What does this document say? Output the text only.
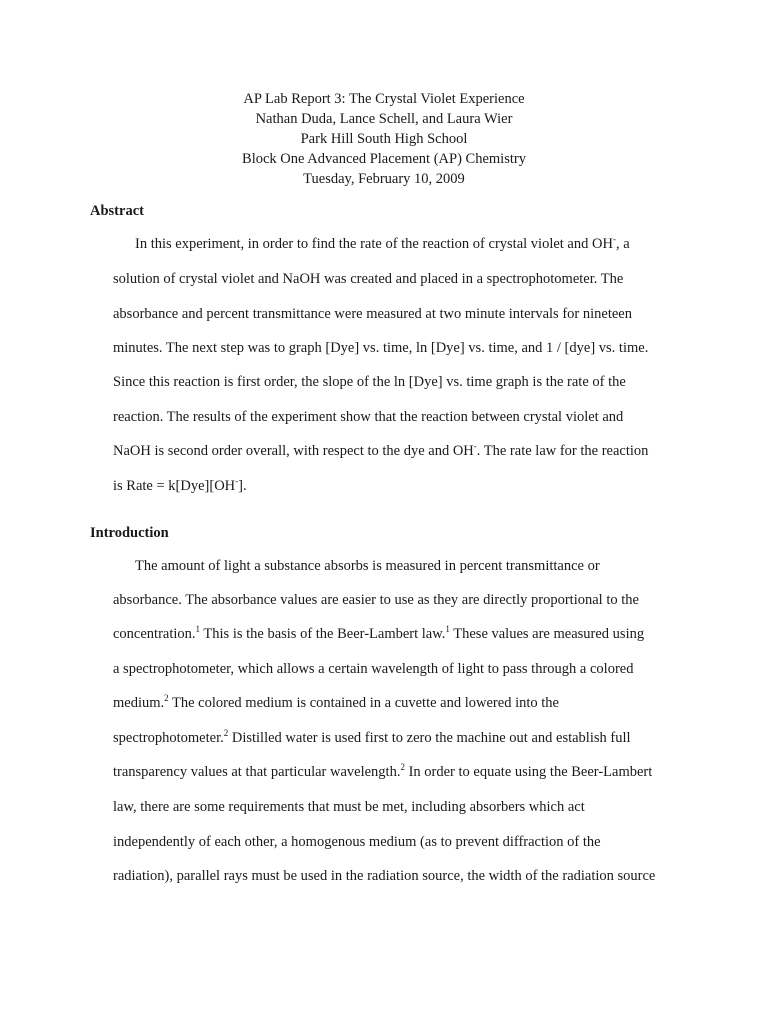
AP Lab Report 3: The Crystal Violet Experience
Nathan Duda, Lance Schell, and Laura Wier
Park Hill South High School
Block One Advanced Placement (AP) Chemistry
Tuesday, February 10, 2009
Abstract
In this experiment, in order to find the rate of the reaction of crystal violet and OH-, a
solution of crystal violet and NaOH was created and placed in a spectrophotometer. The
absorbance and percent transmittance were measured at two minute intervals for nineteen
minutes. The next step was to graph [Dye] vs. time, ln [Dye] vs. time, and 1 / [dye] vs. time.
Since this reaction is first order, the slope of the ln [Dye] vs. time graph is the rate of the
reaction. The results of the experiment show that the reaction between crystal violet and
NaOH is second order overall, with respect to the dye and OH-. The rate law for the reaction
is Rate = k[Dye][OH-].
Introduction
The amount of light a substance absorbs is measured in percent transmittance or
absorbance. The absorbance values are easier to use as they are directly proportional to the
concentration.$^1$ This is the basis of the Beer-Lambert law.$^1$ These values are measured using
a spectrophotometer, which allows a certain wavelength of light to pass through a colored
medium.$^2$ The colored medium is contained in a cuvette and lowered into the
spectrophotometer.$^2$ Distilled water is used first to zero the machine out and establish full
transparency values at that particular wavelength.$^2$ In order to equate using the Beer-Lambert
law, there are some requirements that must be met, including absorbers which act
independently of each other, a homogenous medium (as to prevent diffraction of the
radiation), parallel rays must be used in the radiation source, the width of the radiation source
